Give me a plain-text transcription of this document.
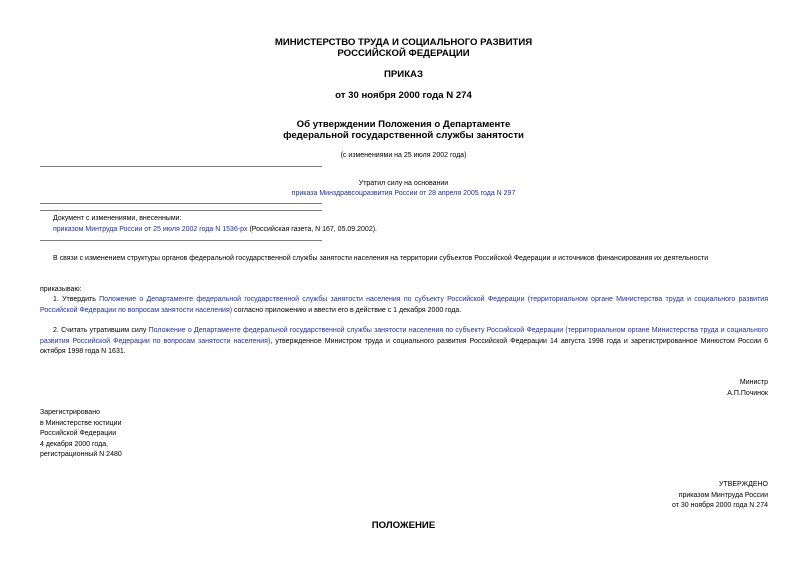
МИНИСТЕРСТВО ТРУДА И СОЦИАЛЬНОГО РАЗВИТИЯ
РОССИЙСКОЙ ФЕДЕРАЦИИ
ПРИКАЗ
от 30 ноября 2000 года N 274
Об утверждении Положения о Департаменте
федеральной государственной службы занятости
(с изменениями на 25 июля 2002 года)
Утратил силу на основании
приказа Минздравсоцразвития России от 28 апреля 2005 года N 297
Документ с изменениями, внесенными:
приказом Минтруда России от 25 июля 2002 года N 1536-рх (Российская газета, N 167, 05.09.2002).
В связи с изменением структуры органов федеральной государственной службы занятости населения на территории субъектов Российской Федерации и источников финансирования их деятельности
приказываю:
1. Утвердить Положение о Департаменте федеральной государственной службы занятости населения по субъекту Российской Федерации (территориальном органе Министерства труда и социального развития Российской Федерации по вопросам занятости населения) согласно приложению и ввести его в действие с 1 декабря 2000 года.
2. Считать утратившим силу Положение о Департаменте федеральной государственной службы занятости населения по субъекту Российской Федерации (территориальном органе Министерства труда и социального развития Российской Федерации по вопросам занятости населения), утвержденное Министром труда и социального развития Российской Федерации 14 августа 1998 года и зарегистрированное Минюстом России 6 октября 1998 года N 1631.
Министр
А.П.Починок
Зарегистрировано
в Министерстве юстиции
Российской Федерации
4 декабря 2000 года,
регистрационный N 2480
УТВЕРЖДЕНО
приказом Минтруда России
от 30 ноября 2000 года N 274
ПОЛОЖЕНИЕ
